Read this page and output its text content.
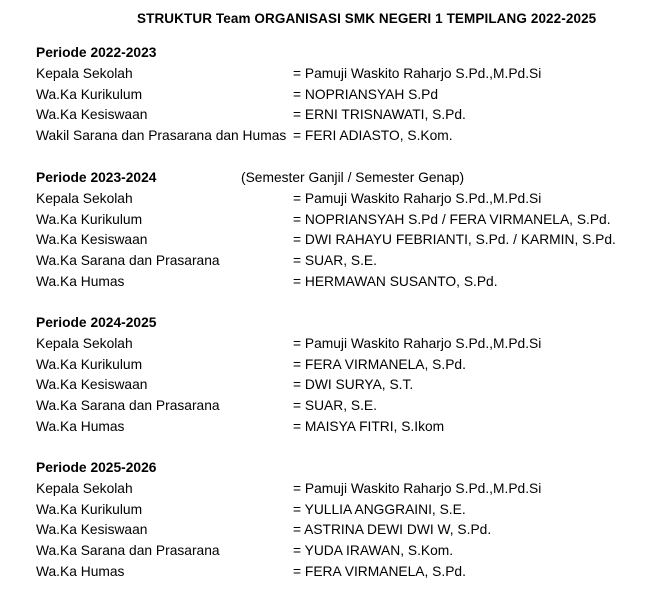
STRUKTUR Team ORGANISASI SMK NEGERI 1 TEMPILANG 2022-2025
Periode 2022-2023
Kepala Sekolah	= Pamuji Waskito Raharjo S.Pd.,M.Pd.Si
Wa.Ka Kurikulum	= NOPRIANSYAH S.Pd
Wa.Ka Kesiswaan	= ERNI TRISNAWATI, S.Pd.
Wakil Sarana dan Prasarana dan Humas = FERI ADIASTO, S.Kom.
Periode 2023-2024	(Semester Ganjil / Semester Genap)
Kepala Sekolah	= Pamuji Waskito Raharjo S.Pd.,M.Pd.Si
Wa.Ka Kurikulum	= NOPRIANSYAH S.Pd / FERA VIRMANELA, S.Pd.
Wa.Ka Kesiswaan	= DWI RAHAYU FEBRIANTI, S.Pd. / KARMIN, S.Pd.
Wa.Ka Sarana dan Prasarana	= SUAR, S.E.
Wa.Ka Humas	= HERMAWAN SUSANTO, S.Pd.
Periode 2024-2025
Kepala Sekolah	= Pamuji Waskito Raharjo S.Pd.,M.Pd.Si
Wa.Ka Kurikulum	= FERA VIRMANELA, S.Pd.
Wa.Ka Kesiswaan	= DWI SURYA, S.T.
Wa.Ka Sarana dan Prasarana	= SUAR, S.E.
Wa.Ka Humas	= MAISYA FITRI, S.Ikom
Periode 2025-2026
Kepala Sekolah	= Pamuji Waskito Raharjo S.Pd.,M.Pd.Si
Wa.Ka Kurikulum	= YULLIA ANGGRAINI, S.E.
Wa.Ka Kesiswaan	= ASTRINA DEWI DWI W, S.Pd.
Wa.Ka Sarana dan Prasarana	= YUDA IRAWAN, S.Kom.
Wa.Ka Humas	= FERA VIRMANELA, S.Pd.
